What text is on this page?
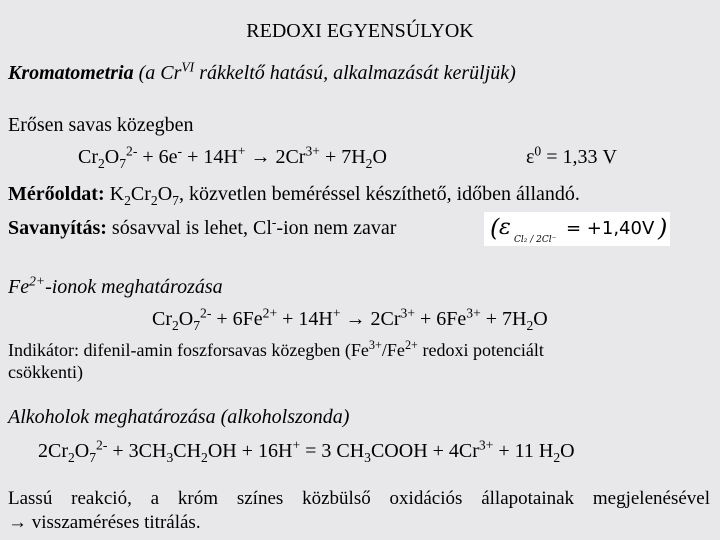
REDOXI EGYENSÚLYOK
Kromatometria (a $Cr^{VI}$ rákkeltő hatású, alkalmazását kerüljük)
Erősen savas közegben
$Cr_2O_7^{2-} + 6e^- + 14H^+ \to 2Cr^{3+} + 7H_2O$	$\varepsilon^0 = 1,33$ V
Mérőoldat: $K_2Cr_2O_7$, közvetlen beméréssel készíthető, időben állandó.
Savanyítás: sósavval is lehet, Cl--ion nem zavar	( ε Cl₂ / 2Cl⁻
= +1,40V )
$Fe^{2+}$-ionok meghatározása
$Cr_2O_7^{2-} + 6Fe^{2+} + 14H^+ \to 2Cr^{3+} + 6Fe^{3+} + 7H_2O$
Indikátor: difenil-amin foszforsavas közegben ($Fe^{3+}/Fe^{2+}$ redoxi potenciált
csökkenti)
Alkoholok meghatározása (alkoholszonda)
$2Cr_2O_7^{2-} + 3CH_3CH_2OH + 16H^+ = 3$ $CH_3COOH + 4Cr^{3+} + 11$ $H_2O$
Lassú reakció, a króm színes közbülső oxidációs állapotainak megjelenésével
→ visszaméréses titrálás.
